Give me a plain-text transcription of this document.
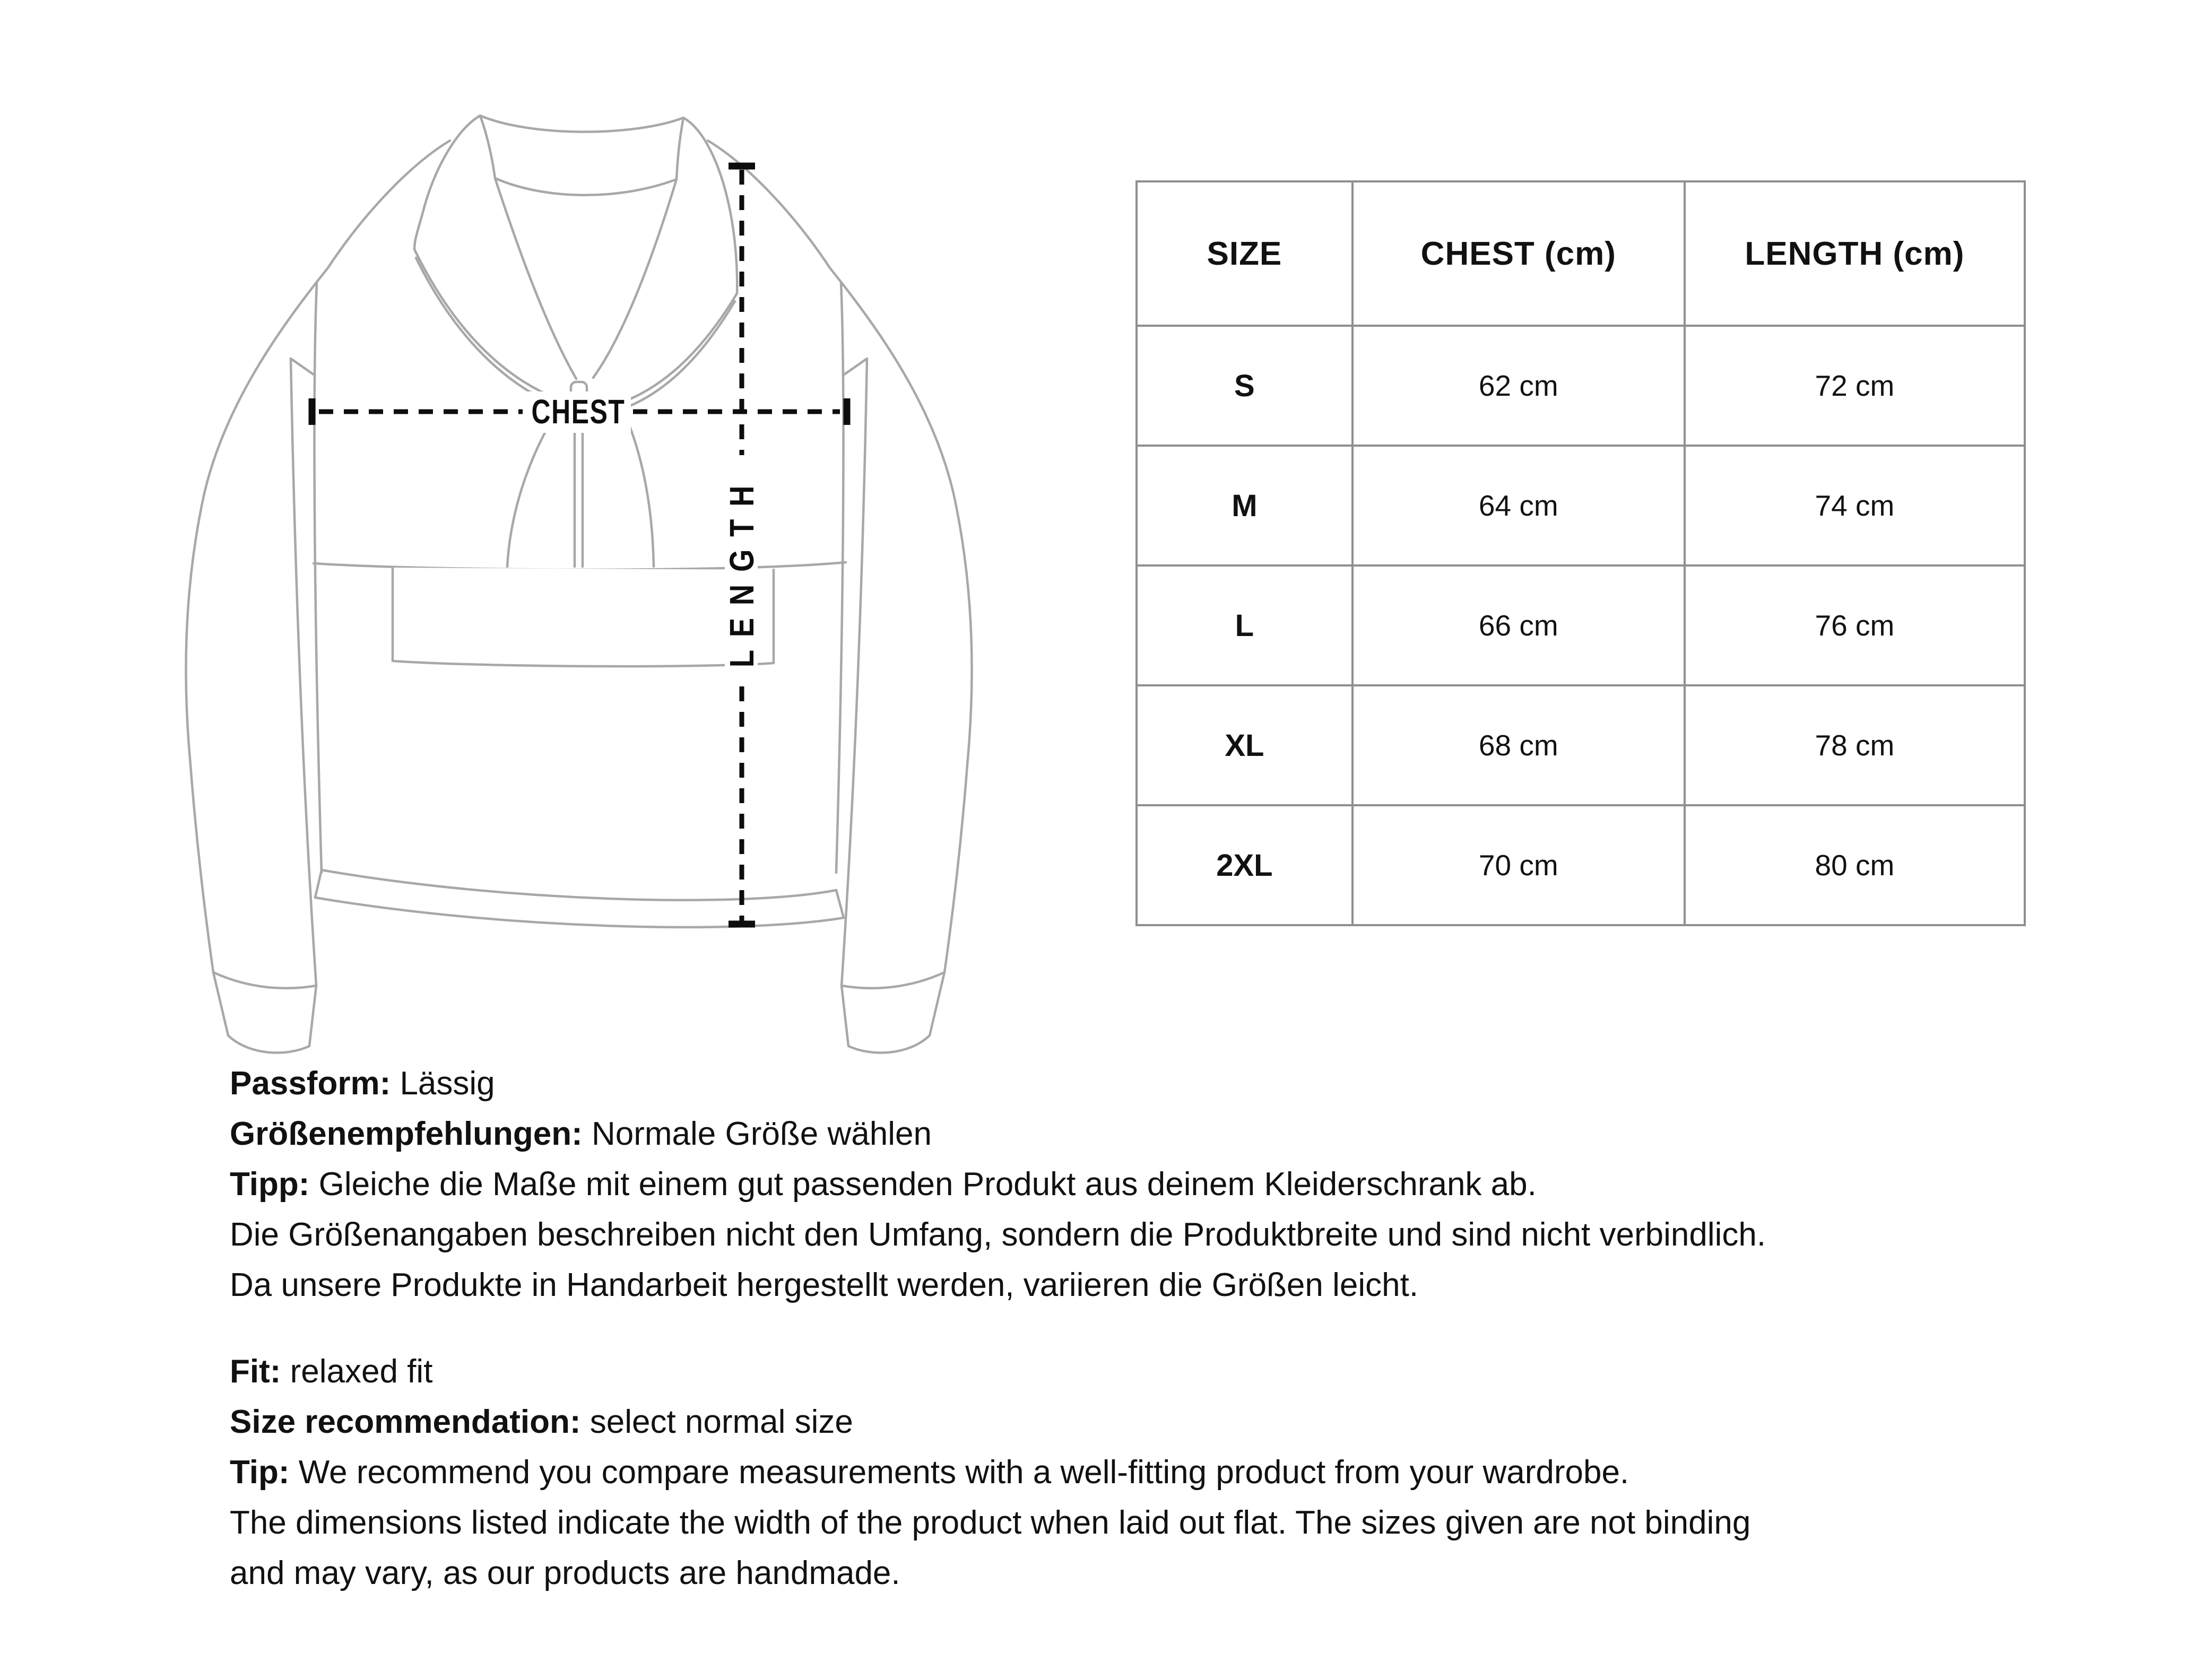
CHEST
LENGTH
SIZE	CHEST (cm)	LENGTH (cm)
S	62 cm	72 cm
M	64 cm	74 cm
L	66 cm	76 cm
XL	68 cm	78 cm
2XL	70 cm	80 cm

Passform: Lässig

Größenempfehlungen: Normale Größe wählen

Tipp: Gleiche die Maße mit einem gut passenden Produkt aus deinem Kleiderschrank ab.

Die Größenangaben beschreiben nicht den Umfang, sondern die Produktbreite und sind nicht verbindlich.

Da unsere Produkte in Handarbeit hergestellt werden, variieren die Größen leicht.

Fit: relaxed fit

Size recommendation: select normal size

Tip: We recommend you compare measurements with a well-fitting product from your wardrobe.

The dimensions listed indicate the width of the product when laid out flat. The sizes given are not binding

and may vary, as our products are handmade.
